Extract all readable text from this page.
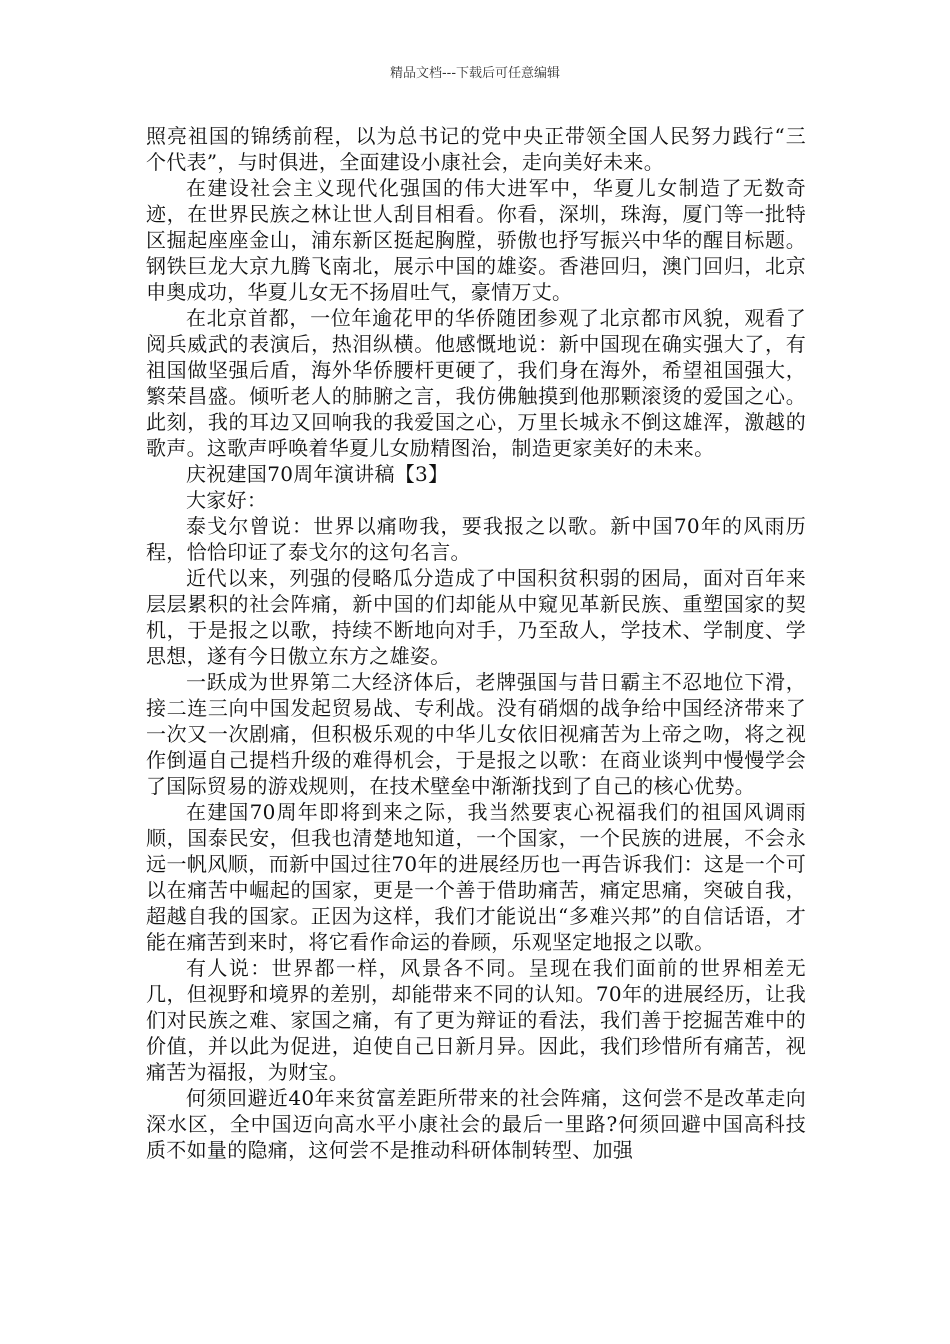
精品文档---下载后可任意编辑

照亮祖国的锦绣前程，以为总书记的党中央正带领全国人民努力践行“三个代表”，与时俱进，全面建设小康社会，走向美好未来。

在建设社会主义现代化强国的伟大进军中，华夏儿女制造了无数奇迹，在世界民族之林让世人刮目相看。你看，深圳，珠海，厦门等一批特区掘起座座金山，浦东新区挺起胸膛，骄傲也抒写振兴中华的醒目标题。钢铁巨龙大京九腾飞南北，展示中国的雄姿。香港回归，澳门回归，北京申奥成功，华夏儿女无不扬眉吐气，豪情万丈。

在北京首都，一位年逾花甲的华侨随团参观了北京都市风貌，观看了阅兵威武的表演后，热泪纵横。他感慨地说：新中国现在确实强大了，有祖国做坚强后盾，海外华侨腰杆更硬了，我们身在海外，希望祖国强大，繁荣昌盛。倾听老人的肺腑之言，我仿佛触摸到他那颗滚烫的爱国之心。此刻，我的耳边又回响我的我爱国之心，万里长城永不倒这雄浑，激越的歌声。这歌声呼唤着华夏儿女励精图治，制造更家美好的未来。

庆祝建国70周年演讲稿【3】

大家好：

泰戈尔曾说：世界以痛吻我，要我报之以歌。新中国70年的风雨历程，恰恰印证了泰戈尔的这句名言。

近代以来，列强的侵略瓜分造成了中国积贫积弱的困局，面对百年来层层累积的社会阵痛，新中国的们却能从中窥见革新民族、重塑国家的契机，于是报之以歌，持续不断地向对手，乃至敌人，学技术、学制度、学思想，遂有今日傲立东方之雄姿。

一跃成为世界第二大经济体后，老牌强国与昔日霸主不忍地位下滑，接二连三向中国发起贸易战、专利战。没有硝烟的战争给中国经济带来了一次又一次剧痛，但积极乐观的中华儿女依旧视痛苦为上帝之吻，将之视作倒逼自己提档升级的难得机会，于是报之以歌：在商业谈判中慢慢学会了国际贸易的游戏规则，在技术壁垒中渐渐找到了自己的核心优势。

在建国70周年即将到来之际，我当然要衷心祝福我们的祖国风调雨顺，国泰民安，但我也清楚地知道，一个国家，一个民族的进展，不会永远一帆风顺，而新中国过往70年的进展经历也一再告诉我们：这是一个可以在痛苦中崛起的国家，更是一个善于借助痛苦，痛定思痛，突破自我，超越自我的国家。正因为这样，我们才能说出“多难兴邦”的自信话语，才能在痛苦到来时，将它看作命运的眷顾，乐观坚定地报之以歌。

有人说：世界都一样，风景各不同。呈现在我们面前的世界相差无几，但视野和境界的差别，却能带来不同的认知。70年的进展经历，让我们对民族之难、家国之痛，有了更为辩证的看法，我们善于挖掘苦难中的价值，并以此为促进，迫使自己日新月异。因此，我们珍惜所有痛苦，视痛苦为福报，为财宝。

何须回避近40年来贫富差距所带来的社会阵痛，这何尝不是改革走向深水区，全中国迈向高水平小康社会的最后一里路?何须回避中国高科技质不如量的隐痛，这何尝不是推动科研体制转型、加强
